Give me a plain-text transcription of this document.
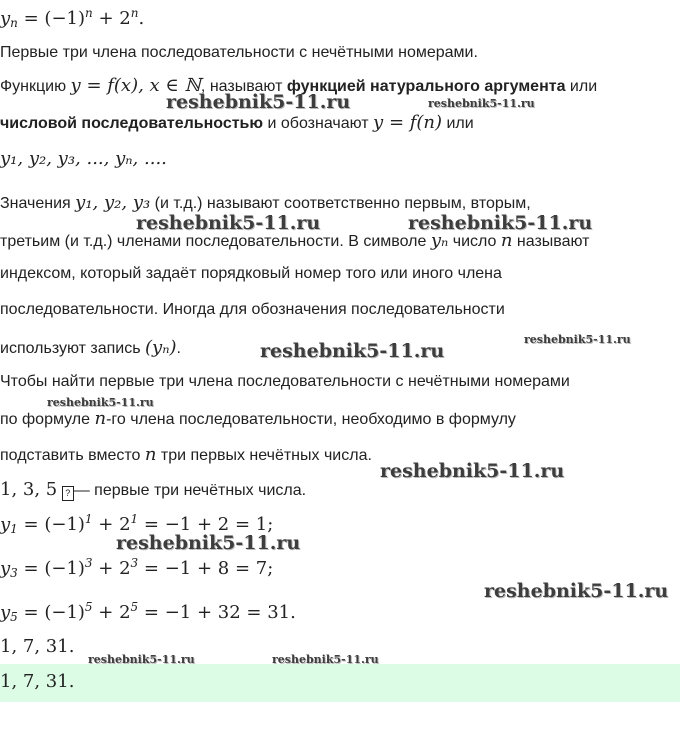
$y_n = (-1)^n + 2^n$.
Первые три члена последовательности с нечётными номерами.
Функцию y = f(x), x ∈ ℕ, называют функцией натурального аргумента или
числовой последовательностью и обозначают y = f(n) или
y₁, y₂, y₃, ..., yₙ, ....
Значения y₁, y₂, y₃ (и т.д.) называют соответственно первым, вторым,
третьим (и т.д.) членами последовательности. В символе yₙ число n называют
индексом, который задаёт порядковый номер того или иного члена
последовательности. Иногда для обозначения последовательности
используют запись (yₙ).
Чтобы найти первые три члена последовательности с нечётными номерами
по формуле n-го члена последовательности, необходимо в формулу
подставить вместо n три первых нечётных числа.
1, 3, 5 ? — первые три нечётных числа.
$y_1 = (-1)^1 + 2^1 = -1 + 2 = 1$;
$y_3 = (-1)^3 + 2^3 = -1 + 8 = 7$;
$y_5 = (-1)^5 + 2^5 = -1 + 32 = 31$.
1, 7, 31.
1, 7, 31.
reshebnik5-11.ru	reshebnik5-11.ru
reshebnik5-11.ru	reshebnik5-11.ru
reshebnik5-11.ru
reshebnik5-11.ru
reshebnik5-11.ru
reshebnik5-11.ru
reshebnik5-11.ru
reshebnik5-11.ru
reshebnik5-11.ru	reshebnik5-11.ru
